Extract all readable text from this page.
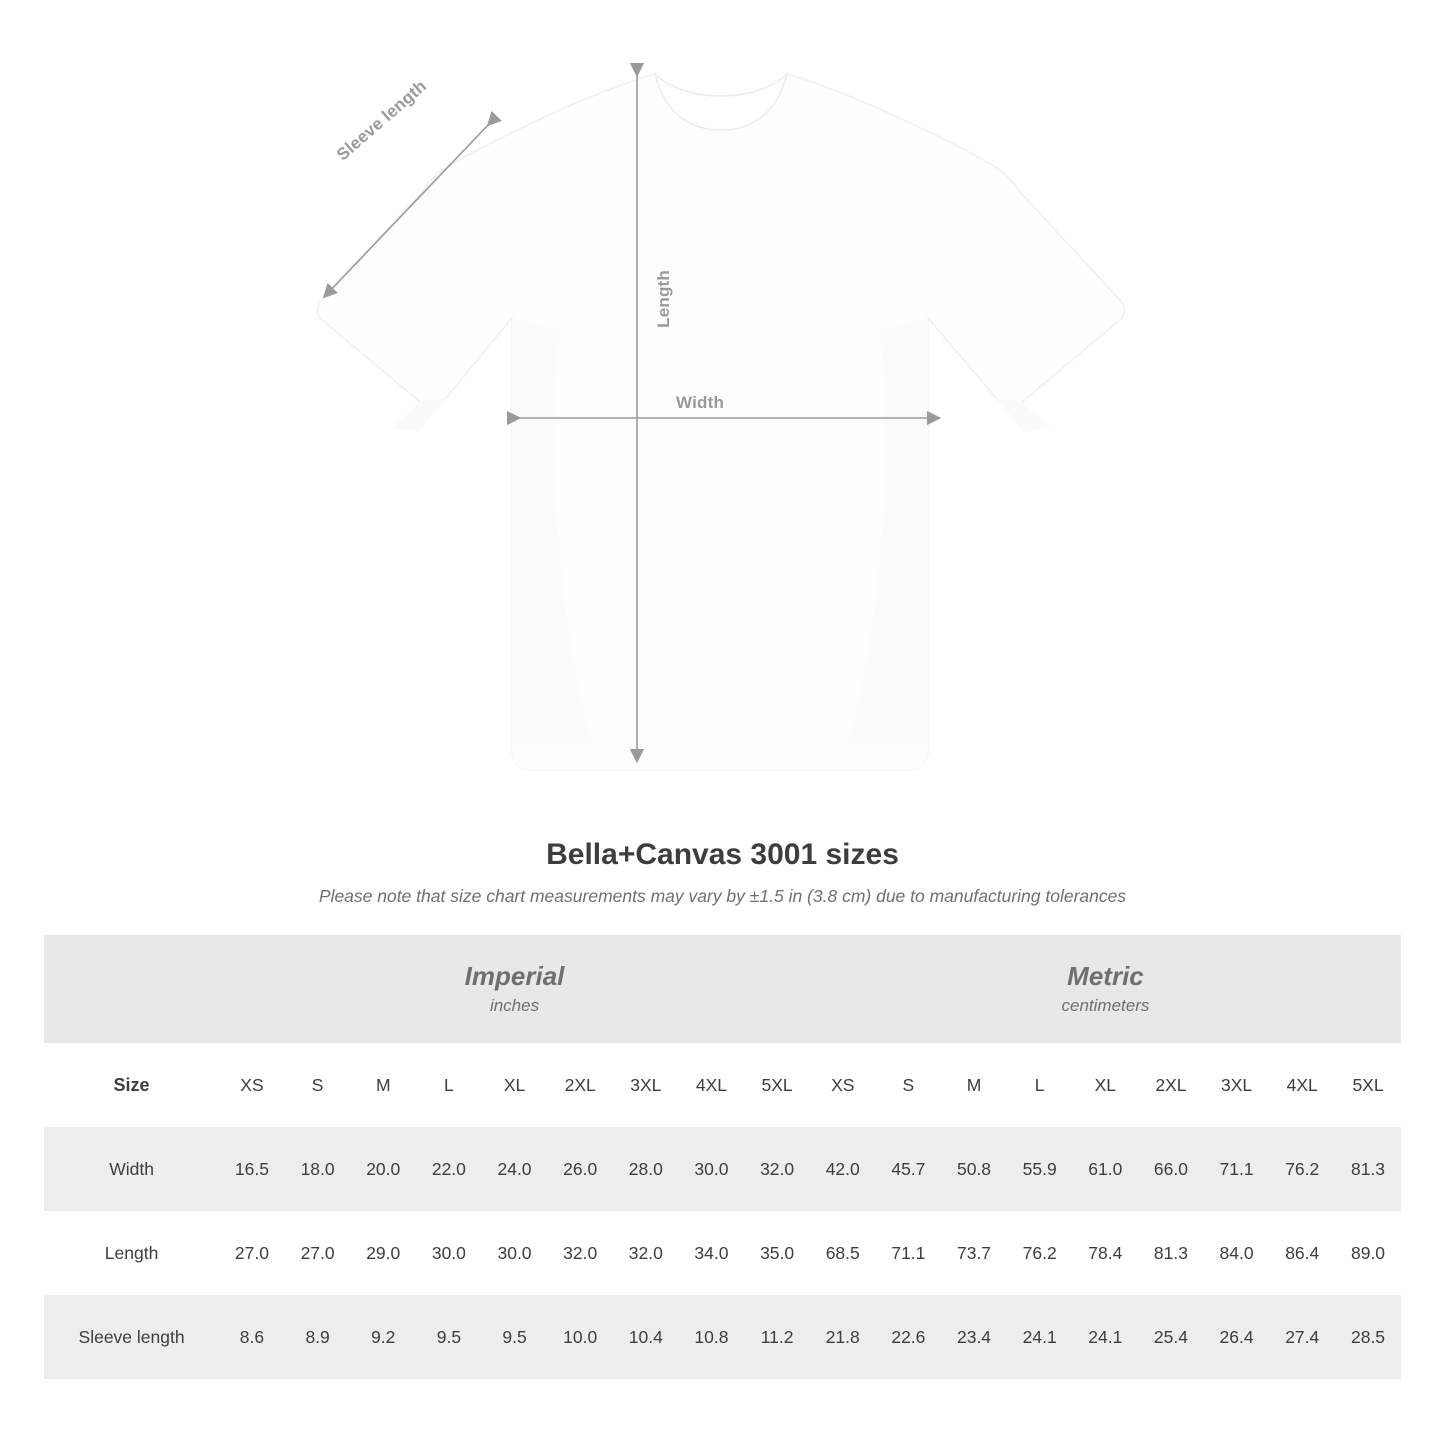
Length
Width
Sleeve length
Bella+Canvas 3001 sizes

Please note that size chart measurements may vary by ±1.5 in (3.8 cm) due to manufacturing tolerances

	Imperial
inches									Metric
centimeters								

Size	XS	S	M	L	XL	2XL	3XL	4XL	5XL	XS	S	M	L	XL	2XL	3XL	4XL	5XL
Width	16.5	18.0	20.0	22.0	24.0	26.0	28.0	30.0	32.0	42.0	45.7	50.8	55.9	61.0	66.0	71.1	76.2	81.3
Length	27.0	27.0	29.0	30.0	30.0	32.0	32.0	34.0	35.0	68.5	71.1	73.7	76.2	78.4	81.3	84.0	86.4	89.0
Sleeve length	8.6	8.9	9.2	9.5	9.5	10.0	10.4	10.8	11.2	21.8	22.6	23.4	24.1	24.1	25.4	26.4	27.4	28.5
